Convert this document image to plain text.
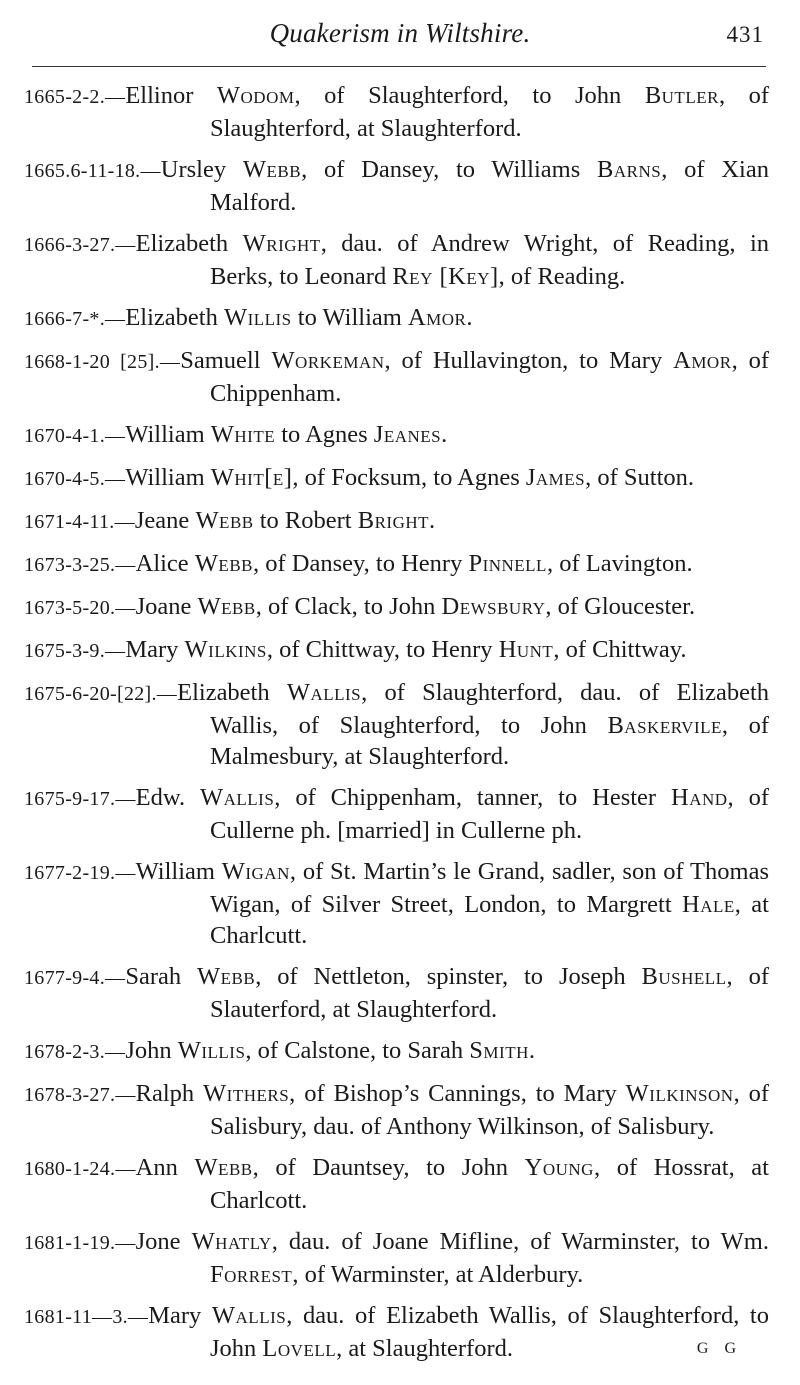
Quakerism in Wiltshire.	431
1665-2-2.—Ellinor Wodom, of Slaughterford, to John Butler, of Slaughterford, at Slaughterford.
1665.6-11-18.—Ursley Webb, of Dansey, to Williams Barns, of Xian Malford.
1666-3-27.—Elizabeth Wright, dau. of Andrew Wright, of Reading, in Berks, to Leonard Rey [Key], of Reading.
1666-7-*.—Elizabeth Willis to William Amor.
1668-1-20 [25].—Samuell Workeman, of Hullavington, to Mary Amor, of Chippenham.
1670-4-1.—William White to Agnes Jeanes.
1670-4-5.—William Whit[e], of Focksum, to Agnes James, of Sutton.
1671-4-11.—Jeane Webb to Robert Bright.
1673-3-25.—Alice Webb, of Dansey, to Henry Pinnell, of Lavington.
1673-5-20.—Joane Webb, of Clack, to John Dewsbury, of Gloucester.
1675-3-9.—Mary Wilkins, of Chittway, to Henry Hunt, of Chittway.
1675-6-20-[22].—Elizabeth Wallis, of Slaughterford, dau. of Elizabeth Wallis, of Slaughterford, to John Baskervile, of Malmesbury, at Slaughterford.
1675-9-17.—Edw. Wallis, of Chippenham, tanner, to Hester Hand, of Cullerne ph. [married] in Cullerne ph.
1677-2-19.—William Wigan, of St. Martin’s le Grand, sadler, son of Thomas Wigan, of Silver Street, London, to Margrett Hale, at Charlcutt.
1677-9-4.—Sarah Webb, of Nettleton, spinster, to Joseph Bushell, of Slauterford, at Slaughterford.
1678-2-3.—John Willis, of Calstone, to Sarah Smith.
1678-3-27.—Ralph Withers, of Bishop’s Cannings, to Mary Wilkinson, of Salisbury, dau. of Anthony Wilkinson, of Salisbury.
1680-1-24.—Ann Webb, of Dauntsey, to John Young, of Hossrat, at Charlcott.
1681-1-19.—Jone Whatly, dau. of Joane Mifline, of Warminster, to Wm. Forrest, of Warminster, at Alderbury.
1681-11—3.—Mary Wallis, dau. of Elizabeth Wallis, of Slaughterford, to John Lovell, at Slaughterford.	G G
